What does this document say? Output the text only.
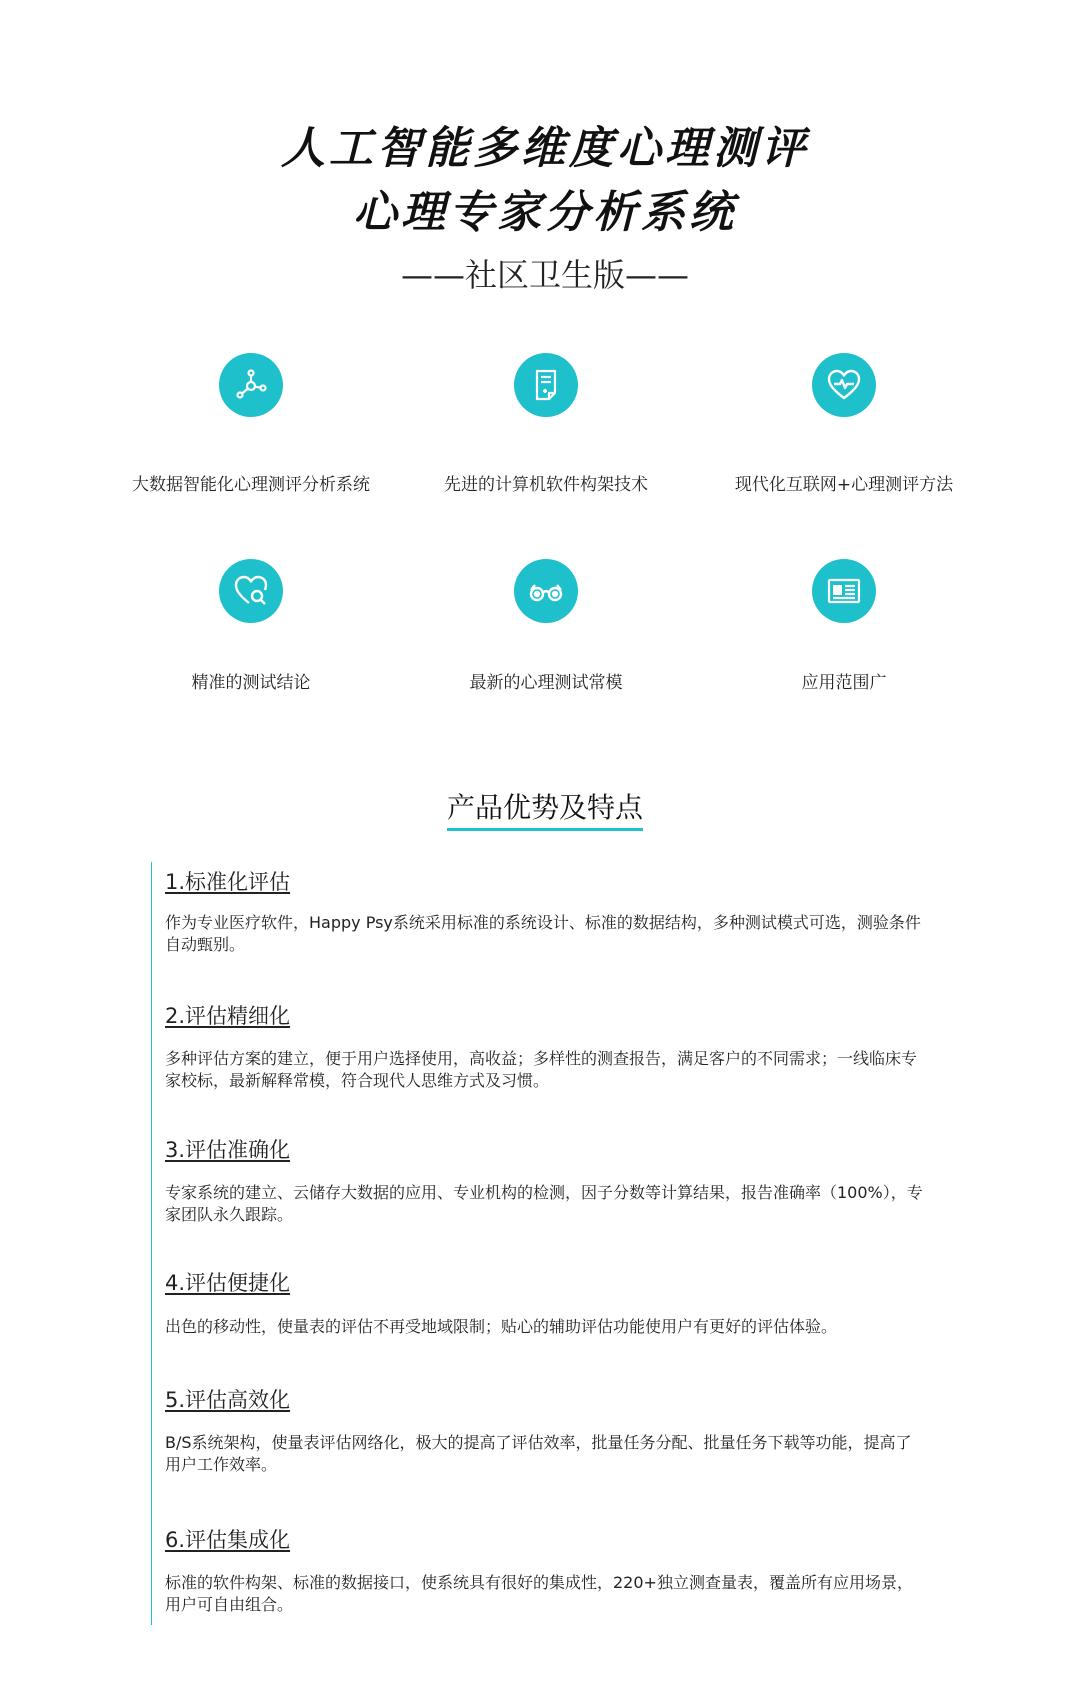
人工智能多维度心理测评
心理专家分析系统
——社区卫生版——
大数据智能化心理测评分析系统	先进的计算机软件构架技术	现代化互联网+心理测评方法
精准的测试结论	最新的心理测试常模	应用范围广
产品优势及特点
1.标准化评估
作为专业医疗软件，Happy Psy系统采用标准的系统设计、标准的数据结构，多种测试模式可选，测验条件自动甄别。
2.评估精细化
多种评估方案的建立，便于用户选择使用，高收益；多样性的测查报告，满足客户的不同需求；一线临床专家校标，最新解释常模，符合现代人思维方式及习惯。
3.评估准确化
专家系统的建立、云储存大数据的应用、专业机构的检测，因子分数等计算结果，报告准确率（100%），专家团队永久跟踪。
4.评估便捷化
出色的移动性，使量表的评估不再受地域限制；贴心的辅助评估功能使用户有更好的评估体验。
5.评估高效化
B/S系统架构，使量表评估网络化，极大的提高了评估效率，批量任务分配、批量任务下载等功能，提高了用户工作效率。
6.评估集成化
标准的软件构架、标准的数据接口，使系统具有很好的集成性，220+独立测查量表，覆盖所有应用场景，用户可自由组合。
